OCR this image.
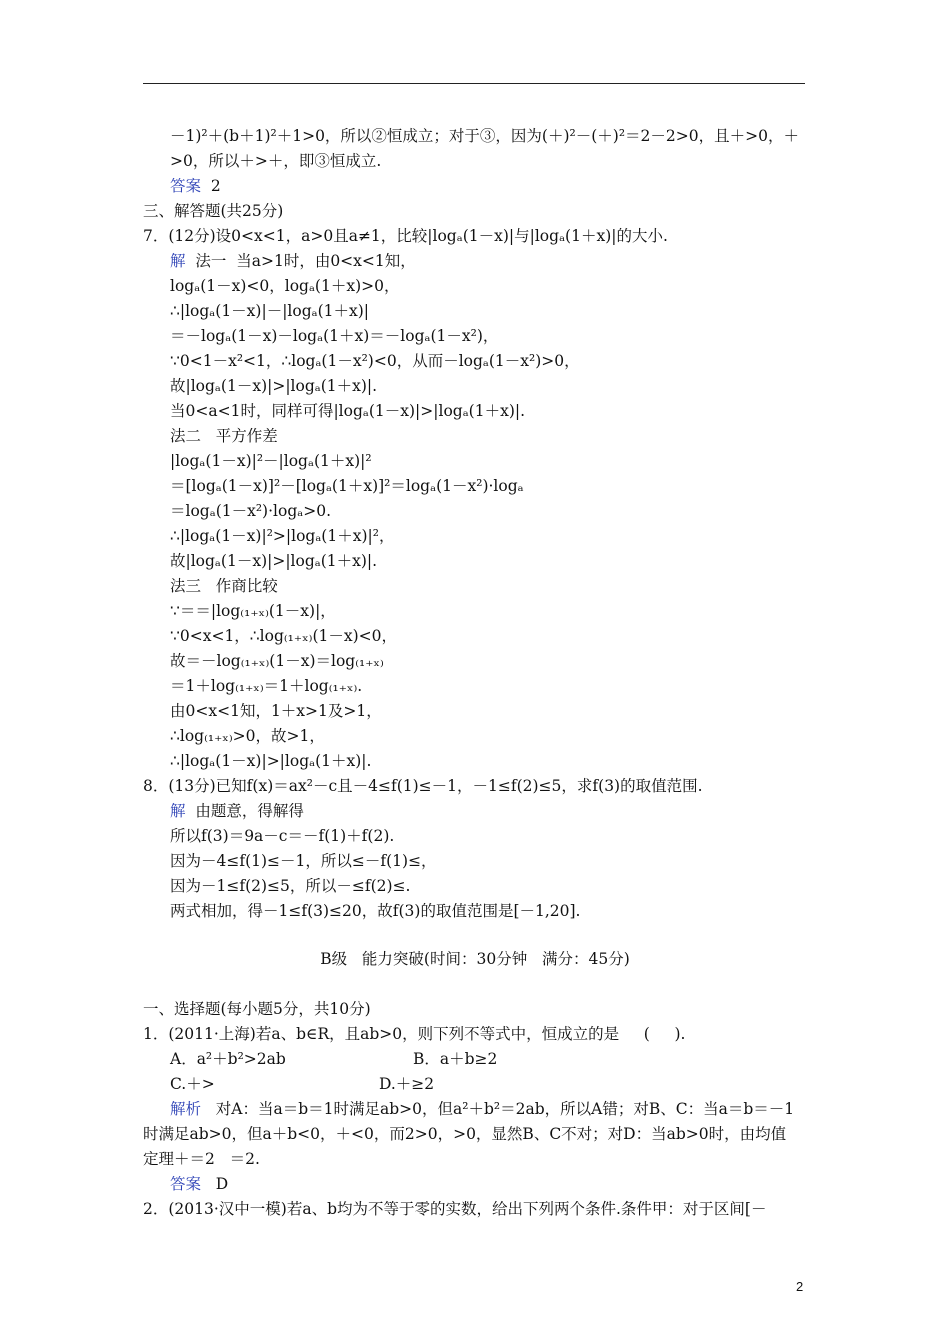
－1)²＋(b＋1)²＋1>0，所以②恒成立；对于③，因为(＋)²－(＋)²＝2－2>0，且＋>0，＋
>0，所以＋>＋，即③恒成立.
答案  2
三、解答题(共25分)
7．(12分)设0<x<1，a>0且a≠1，比较|logₐ(1－x)|与|logₐ(1＋x)|的大小.
解  法一  当a>1时，由0<x<1知，
logₐ(1－x)<0，logₐ(1＋x)>0，
∴|logₐ(1－x)|－|logₐ(1＋x)|
＝－logₐ(1－x)－logₐ(1＋x)＝－logₐ(1－x²)，
∵0<1－x²<1，∴logₐ(1－x²)<0，从而－logₐ(1－x²)>0，
故|logₐ(1－x)|>|logₐ(1＋x)|.
当0<a<1时，同样可得|logₐ(1－x)|>|logₐ(1＋x)|.
法二   平方作差
|logₐ(1－x)|²－|logₐ(1＋x)|²
＝[logₐ(1－x)]²－[logₐ(1＋x)]²＝logₐ(1－x²)·logₐ
＝logₐ(1－x²)·logₐ>0.
∴|logₐ(1－x)|²>|logₐ(1＋x)|²，
故|logₐ(1－x)|>|logₐ(1＋x)|.
法三   作商比较
∵＝＝|log₍₁₊ₓ₎(1－x)|，
∵0<x<1，∴log₍₁₊ₓ₎(1－x)<0，
故＝－log₍₁₊ₓ₎(1－x)＝log₍₁₊ₓ₎
＝1＋log₍₁₊ₓ₎＝1＋log₍₁₊ₓ₎.
由0<x<1知，1＋x>1及>1，
∴log₍₁₊ₓ₎>0，故>1，
∴|logₐ(1－x)|>|logₐ(1＋x)|.
8．(13分)已知f(x)＝ax²－c且－4≤f(1)≤－1，－1≤f(2)≤5，求f(3)的取值范围.
解  由题意，得解得
所以f(3)＝9a－c＝－f(1)＋f(2).
因为－4≤f(1)≤－1，所以≤－f(1)≤，
因为－1≤f(2)≤5，所以－≤f(2)≤.
两式相加，得－1≤f(3)≤20，故f(3)的取值范围是[－1,20].
B级   能力突破(时间：30分钟   满分：45分)
一、选择题(每小题5分，共10分)
1．(2011·上海)若a、b∈R，且ab>0，则下列不等式中，恒成立的是     (     ).
A．a²＋b²>2ab	B．a＋b≥2
C.＋>	D.＋≥2
解析   对A：当a＝b＝1时满足ab>0，但a²＋b²＝2ab，所以A错；对B、C：当a＝b＝－1
时满足ab>0，但a＋b<0，＋<0，而2>0，>0，显然B、C不对；对D：当ab>0时，由均值
定理＋＝2   ＝2.
答案   D
2．(2013·汉中一模)若a、b均为不等于零的实数，给出下列两个条件.条件甲：对于区间[－
2
